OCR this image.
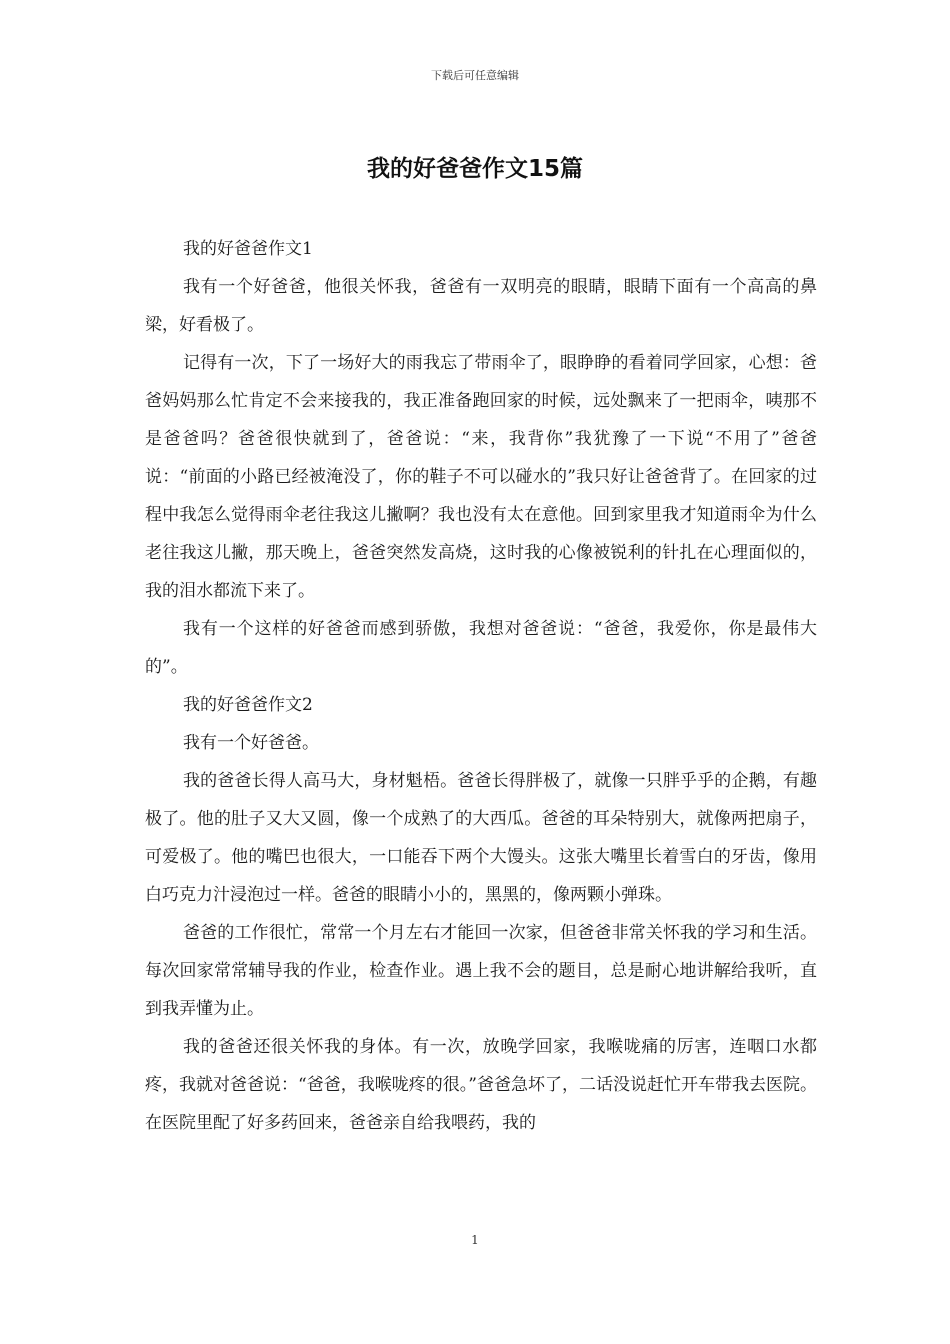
下载后可任意编辑
我的好爸爸作文15篇

我的好爸爸作文1

我有一个好爸爸，他很关怀我，爸爸有一双明亮的眼睛，眼睛下面有一个高高的鼻梁，好看极了。

记得有一次，下了一场好大的雨我忘了带雨伞了，眼睁睁的看着同学回家，心想：爸爸妈妈那么忙肯定不会来接我的，我正准备跑回家的时候，远处飘来了一把雨伞，咦那不是爸爸吗？爸爸很快就到了，爸爸说：“来，我背你”我犹豫了一下说“不用了”爸爸说：“前面的小路已经被淹没了，你的鞋子不可以碰水的”我只好让爸爸背了。在回家的过程中我怎么觉得雨伞老往我这儿撇啊？我也没有太在意他。回到家里我才知道雨伞为什么老往我这儿撇，那天晚上，爸爸突然发高烧，这时我的心像被锐利的针扎在心理面似的，我的泪水都流下来了。

我有一个这样的好爸爸而感到骄傲，我想对爸爸说：“爸爸，我爱你，你是最伟大的”。

我的好爸爸作文2

我有一个好爸爸。

我的爸爸长得人高马大，身材魁梧。爸爸长得胖极了，就像一只胖乎乎的企鹅，有趣极了。他的肚子又大又圆，像一个成熟了的大西瓜。爸爸的耳朵特别大，就像两把扇子，可爱极了。他的嘴巴也很大，一口能吞下两个大馒头。这张大嘴里长着雪白的牙齿，像用白巧克力汁浸泡过一样。爸爸的眼睛小小的，黑黑的，像两颗小弹珠。

爸爸的工作很忙，常常一个月左右才能回一次家，但爸爸非常关怀我的学习和生活。每次回家常常辅导我的作业，检查作业。遇上我不会的题目，总是耐心地讲解给我听，直到我弄懂为止。

我的爸爸还很关怀我的身体。有一次，放晚学回家，我喉咙痛的厉害，连咽口水都疼，我就对爸爸说：“爸爸，我喉咙疼的很。”爸爸急坏了，二话没说赶忙开车带我去医院。在医院里配了好多药回来，爸爸亲自给我喂药，我的

1
